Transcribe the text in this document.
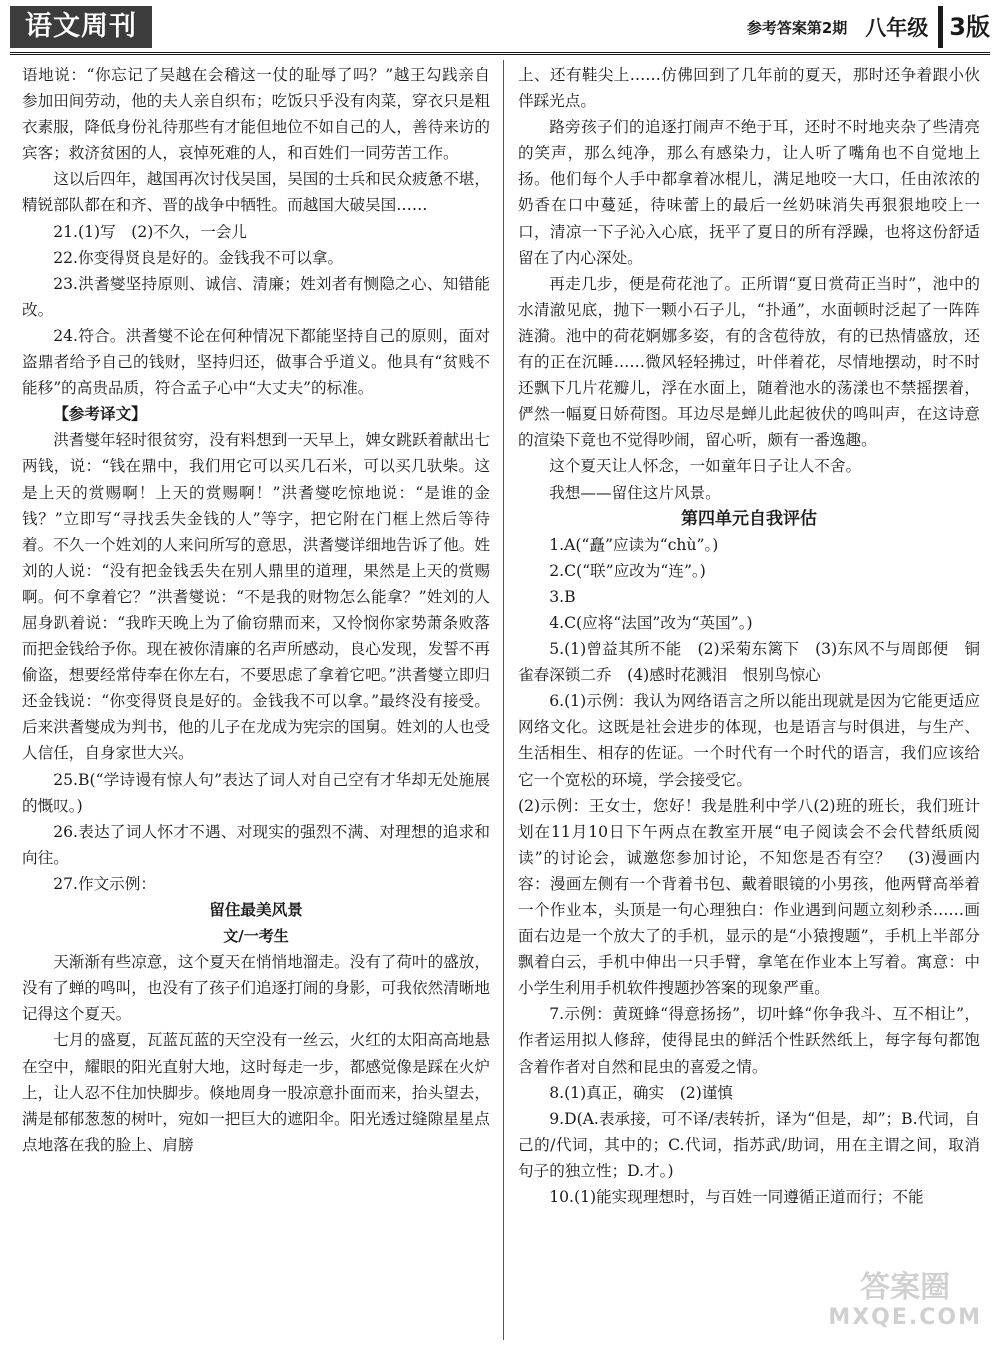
语文周刊	参考答案第2期 八年级 3版

语地说：“你忘记了吴越在会稽这一仗的耻辱了吗？”越王勾践亲自参加田间劳动，他的夫人亲自织布；吃饭只乎没有肉菜，穿衣只是粗衣素服，降低身份礼待那些有才能但地位不如自己的人，善待来访的宾客；救济贫困的人，哀悼死难的人，和百姓们一同劳苦工作。

这以后四年，越国再次讨伐吴国，吴国的士兵和民众疲惫不堪，精锐部队都在和齐、晋的战争中牺牲。而越国大破吴国……

21.(1)写　(2)不久，一会儿

22.你变得贤良是好的。金钱我不可以拿。

23.洪耆燮坚持原则、诚信、清廉；姓刘者有恻隐之心、知错能改。

24.符合。洪耆燮不论在何种情况下都能坚持自己的原则，面对盗鼎者给予自己的钱财，坚持归还，做事合乎道义。他具有“贫贱不能移”的高贵品质，符合孟子心中“大丈夫”的标准。

【参考译文】

洪耆燮年轻时很贫穷，没有料想到一天早上，婢女跳跃着献出七两钱，说：“钱在鼎中，我们用它可以买几石米，可以买几驮柴。这是上天的赏赐啊！上天的赏赐啊！”洪耆燮吃惊地说：“是谁的金钱？”立即写“寻找丢失金钱的人”等字，把它附在门框上然后等待着。不久一个姓刘的人来问所写的意思，洪耆燮详细地告诉了他。姓刘的人说：“没有把金钱丢失在别人鼎里的道理，果然是上天的赏赐啊。何不拿着它？”洪耆燮说：“不是我的财物怎么能拿？”姓刘的人屈身趴着说：“我昨天晚上为了偷窃鼎而来，又怜悯你家势萧条败落而把金钱给予你。现在被你清廉的名声所感动，良心发现，发誓不再偷盗，想要经常侍奉在你左右，不要思虑了拿着它吧。”洪耆燮立即归还金钱说：“你变得贤良是好的。金钱我不可以拿。”最终没有接受。后来洪耆燮成为判书，他的儿子在龙成为宪宗的国舅。姓刘的人也受人信任，自身家世大兴。

25.B(“学诗谩有惊人句”表达了词人对自己空有才华却无处施展的慨叹。)

26.表达了词人怀才不遇、对现实的强烈不满、对理想的追求和向往。

27.作文示例：

留住最美风景

文/一考生

天渐渐有些凉意，这个夏天在悄悄地溜走。没有了荷叶的盛放，没有了蝉的鸣叫，也没有了孩子们追逐打闹的身影，可我依然清晰地记得这个夏天。

七月的盛夏，瓦蓝瓦蓝的天空没有一丝云，火红的太阳高高地悬在空中，耀眼的阳光直射大地，这时每走一步，都感觉像是踩在火炉上，让人忍不住加快脚步。倏地周身一股凉意扑面而来，抬头望去，满是郁郁葱葱的树叶，宛如一把巨大的遮阳伞。阳光透过缝隙星星点点地落在我的脸上、肩膀

上、还有鞋尖上……仿佛回到了几年前的夏天，那时还争着跟小伙伴踩光点。

路旁孩子们的追逐打闹声不绝于耳，还时不时地夹杂了些清亮的笑声，那么纯净，那么有感染力，让人听了嘴角也不自觉地上扬。他们每个人手中都拿着冰棍儿，满足地咬一大口，任由浓浓的奶香在口中蔓延，待味蕾上的最后一丝奶味消失再狠狠地咬上一口，清凉一下子沁入心底，抚平了夏日的所有浮躁，也将这份舒适留在了内心深处。

再走几步，便是荷花池了。正所谓“夏日赏荷正当时”，池中的水清澈见底，抛下一颗小石子儿，“扑通”，水面顿时泛起了一阵阵涟漪。池中的荷花婀娜多姿，有的含苞待放，有的已热情盛放，还有的正在沉睡……微风轻轻拂过，叶伴着花，尽情地摆动，时不时还飘下几片花瓣儿，浮在水面上，随着池水的荡漾也不禁摇摆着，俨然一幅夏日娇荷图。耳边尽是蝉儿此起彼伏的鸣叫声，在这诗意的渲染下竟也不觉得吵闹，留心听，颇有一番逸趣。

这个夏天让人怀念，一如童年日子让人不舍。

我想——留住这片风景。

第四单元自我评估

1.A(“矗”应读为“chù”。)

2.C(“联”应改为“连”。)

3.B

4.C(应将“法国”改为“英国”。)

5.(1)曾益其所不能　(2)采菊东篱下　(3)东风不与周郎便　铜雀春深锁二乔　(4)感时花溅泪　恨别鸟惊心

6.(1)示例：我认为网络语言之所以能出现就是因为它能更适应网络文化。这既是社会进步的体现，也是语言与时俱进，与生产、生活相生、相存的佐证。一个时代有一个时代的语言，我们应该给它一个宽松的环境，学会接受它。

(2)示例：王女士，您好！我是胜利中学八(2)班的班长，我们班计划在11月10日下午两点在教室开展“电子阅读会不会代替纸质阅读”的讨论会，诚邀您参加讨论，不知您是否有空？　(3)漫画内容：漫画左侧有一个背着书包、戴着眼镜的小男孩，他两臂高举着一个作业本，头顶是一句心理独白：作业遇到问题立刻秒杀……画面右边是一个放大了的手机，显示的是“小猿搜题”，手机上半部分飘着白云，手机中伸出一只手臂，拿笔在作业本上写着。寓意：中小学生利用手机软件搜题抄答案的现象严重。

7.示例：黄斑蜂“得意扬扬”，切叶蜂“你争我斗、互不相让”，作者运用拟人修辞，使得昆虫的鲜活个性跃然纸上，每字每句都饱含着作者对自然和昆虫的喜爱之情。

8.(1)真正，确实　(2)谨慎

9.D(A.表承接，可不译/表转折，译为“但是，却”；B.代词，自己的/代词，其中的；C.代词，指苏武/助词，用在主谓之间，取消句子的独立性；D.才。)

10.(1)能实现理想时，与百姓一同遵循正道而行；不能

答案圈
MXQE.COM
